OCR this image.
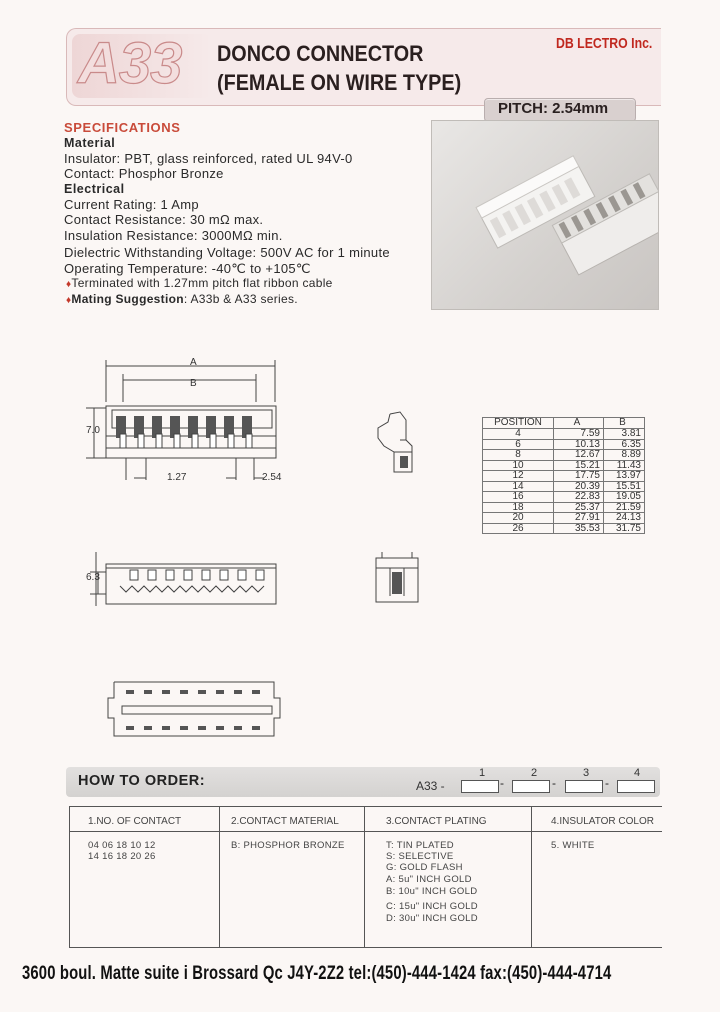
A33 DONCO CONNECTOR
(FEMALE ON WIRE TYPE)
DB LECTRO Inc.
PITCH: 2.54mm
SPECIFICATIONS
Material
Insulator: PBT, glass reinforced, rated UL 94V-0
Contact: Phosphor Bronze
Electrical
Current Rating: 1 Amp
Contact Resistance: 30 mΩ max.
Insulation Resistance: 3000MΩ min.
Dielectric Withstanding Voltage: 500V AC for 1 minute
Operating Temperature: -40℃ to +105℃
♦Terminated with 1.27mm pitch flat ribbon cable
♦Mating Suggestion: A33b & A33 series.
A
B
7.0
1.27	2.54
POSITION	A	B
4	7.59	3.81
6	10.13	6.35
8	12.67	8.89
10	15.21	11.43
12	17.75	13.97
14	20.39	15.51
16	22.83	19.05
18	25.37	21.59
20	27.91	24.13
26	35.53	31.75
6.3
HOW TO ORDER:	A33 -
1
-
2
-
3
-
4
1.NO. OF CONTACT
04 06 18 10 12
14 16 18 20 26
2.CONTACT MATERIAL
B: PHOSPHOR BRONZE
3.CONTACT PLATING
T: TIN PLATED
S: SELECTIVE
G: GOLD FLASH
A: 5u" INCH GOLD
B: 10u" INCH GOLD
C: 15u" INCH GOLD
D: 30u" INCH GOLD
4.INSULATOR COLOR
5. WHITE
3600 boul. Matte suite i Brossard Qc J4Y-2Z2 tel:(450)-444-1424 fax:(450)-444-4714
